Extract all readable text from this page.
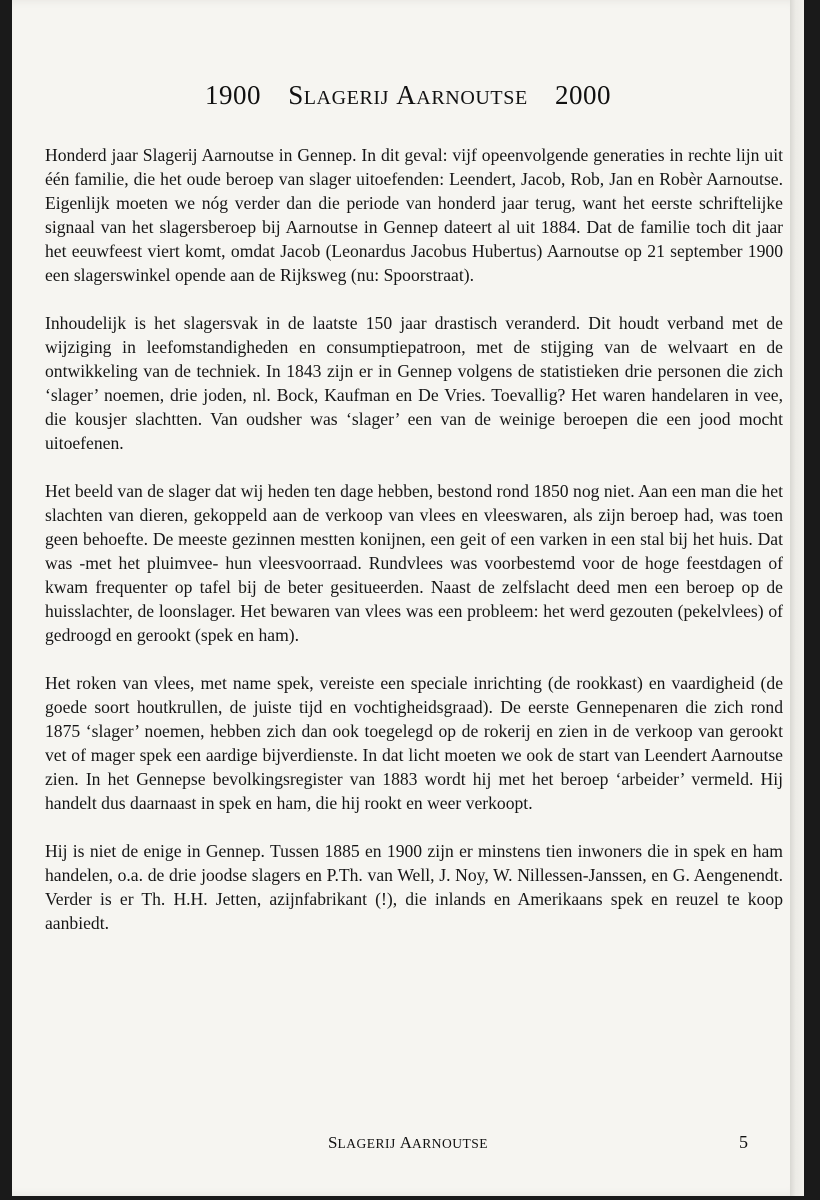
1900 SLAGERIJ AARNOUTSE 2000

Honderd jaar Slagerij Aarnoutse in Gennep. In dit geval: vijf opeenvolgende generaties in rechte lijn uit één familie, die het oude beroep van slager uitoefenden: Leendert, Jacob, Rob, Jan en Robèr Aarnoutse. Eigenlijk moeten we nóg verder dan die periode van honderd jaar terug, want het eerste schriftelijke signaal van het slagersberoep bij Aarnoutse in Gennep dateert al uit 1884. Dat de familie toch dit jaar het eeuwfeest viert komt, omdat Jacob (Leonardus Jacobus Hubertus) Aarnoutse op 21 september 1900 een slagerswinkel opende aan de Rijksweg (nu: Spoorstraat).

Inhoudelijk is het slagersvak in de laatste 150 jaar drastisch veranderd. Dit houdt verband met de wijziging in leefomstandigheden en consumptiepatroon, met de stijging van de welvaart en de ontwikkeling van de techniek. In 1843 zijn er in Gennep volgens de statistieken drie personen die zich ‘slager’ noemen, drie joden, nl. Bock, Kaufman en De Vries. Toevallig? Het waren handelaren in vee, die kousjer slachtten. Van oudsher was ‘slager’ een van de weinige beroepen die een jood mocht uitoefenen.

Het beeld van de slager dat wij heden ten dage hebben, bestond rond 1850 nog niet. Aan een man die het slachten van dieren, gekoppeld aan de verkoop van vlees en vleeswaren, als zijn beroep had, was toen geen behoefte. De meeste gezinnen mestten konijnen, een geit of een varken in een stal bij het huis. Dat was -met het pluimvee- hun vleesvoorraad. Rundvlees was voorbestemd voor de hoge feestdagen of kwam frequenter op tafel bij de beter gesitueerden. Naast de zelfslacht deed men een beroep op de huisslachter, de loonslager. Het bewaren van vlees was een probleem: het werd gezouten (pekelvlees) of gedroogd en gerookt (spek en ham).

Het roken van vlees, met name spek, vereiste een speciale inrichting (de rookkast) en vaardigheid (de goede soort houtkrullen, de juiste tijd en vochtigheidsgraad). De eerste Gennepenaren die zich rond 1875 ‘slager’ noemen, hebben zich dan ook toegelegd op de rokerij en zien in de verkoop van gerookt vet of mager spek een aardige bijverdienste. In dat licht moeten we ook de start van Leendert Aarnoutse zien. In het Gennepse bevolkingsregister van 1883 wordt hij met het beroep ‘arbeider’ vermeld. Hij handelt dus daarnaast in spek en ham, die hij rookt en weer verkoopt.

Hij is niet de enige in Gennep. Tussen 1885 en 1900 zijn er minstens tien inwoners die in spek en ham handelen, o.a. de drie joodse slagers en P.Th. van Well, J. Noy, W. Nillessen-Janssen, en G. Aengenendt. Verder is er Th. H.H. Jetten, azijnfabrikant (!), die inlands en Amerikaans spek en reuzel te koop aanbiedt.

SLAGERIJ AARNOUTSE	5
